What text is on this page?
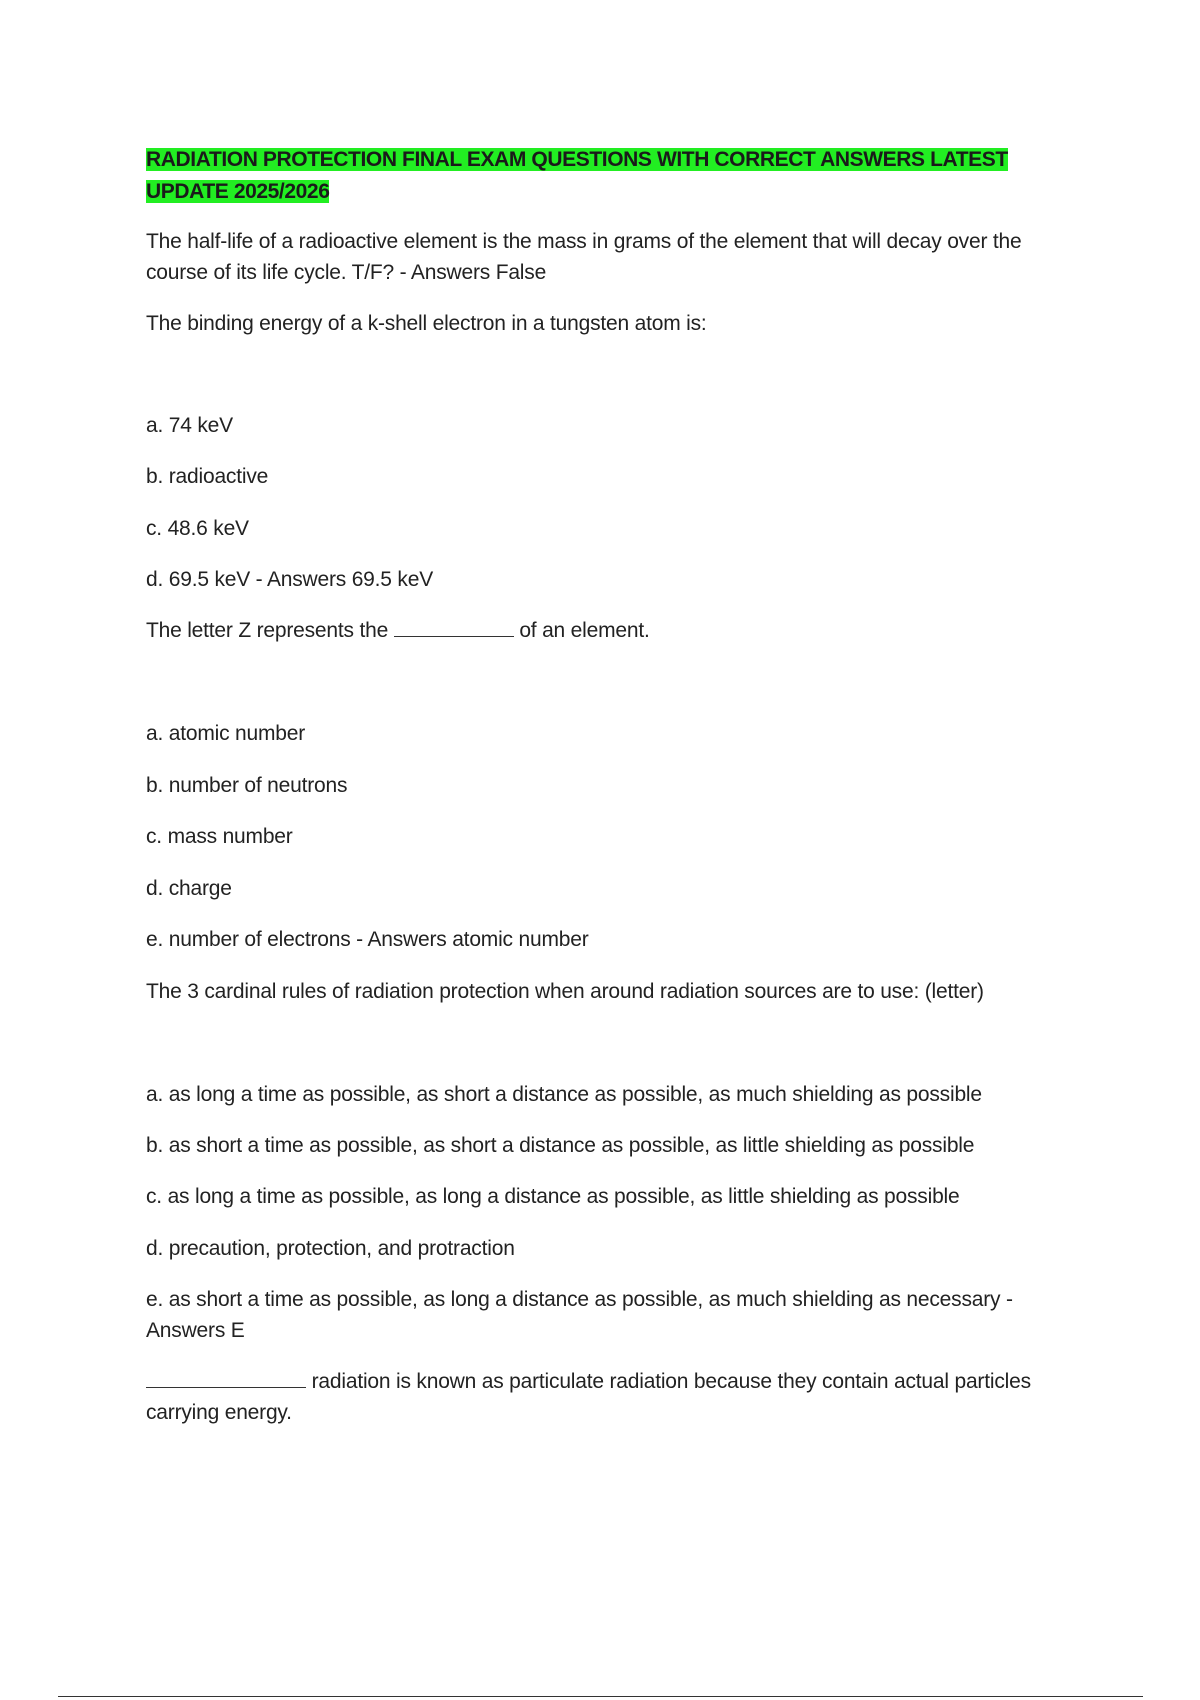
RADIATION PROTECTION FINAL EXAM QUESTIONS WITH CORRECT ANSWERS LATEST UPDATE 2025/2026
The half-life of a radioactive element is the mass in grams of the element that will decay over the course of its life cycle. T/F? - Answers False
The binding energy of a k-shell electron in a tungsten atom is:
a. 74 keV
b. radioactive
c. 48.6 keV
d. 69.5 keV - Answers 69.5 keV
The letter Z represents the	of an element.
a. atomic number
b. number of neutrons
c. mass number
d. charge
e. number of electrons - Answers atomic number
The 3 cardinal rules of radiation protection when around radiation sources are to use: (letter)
a. as long a time as possible, as short a distance as possible, as much shielding as possible
b. as short a time as possible, as short a distance as possible, as little shielding as possible
c. as long a time as possible, as long a distance as possible, as little shielding as possible
d. precaution, protection, and protraction
e. as short a time as possible, as long a distance as possible, as much shielding as necessary - Answers E
radiation is known as particulate radiation because they contain actual particles carrying energy.
